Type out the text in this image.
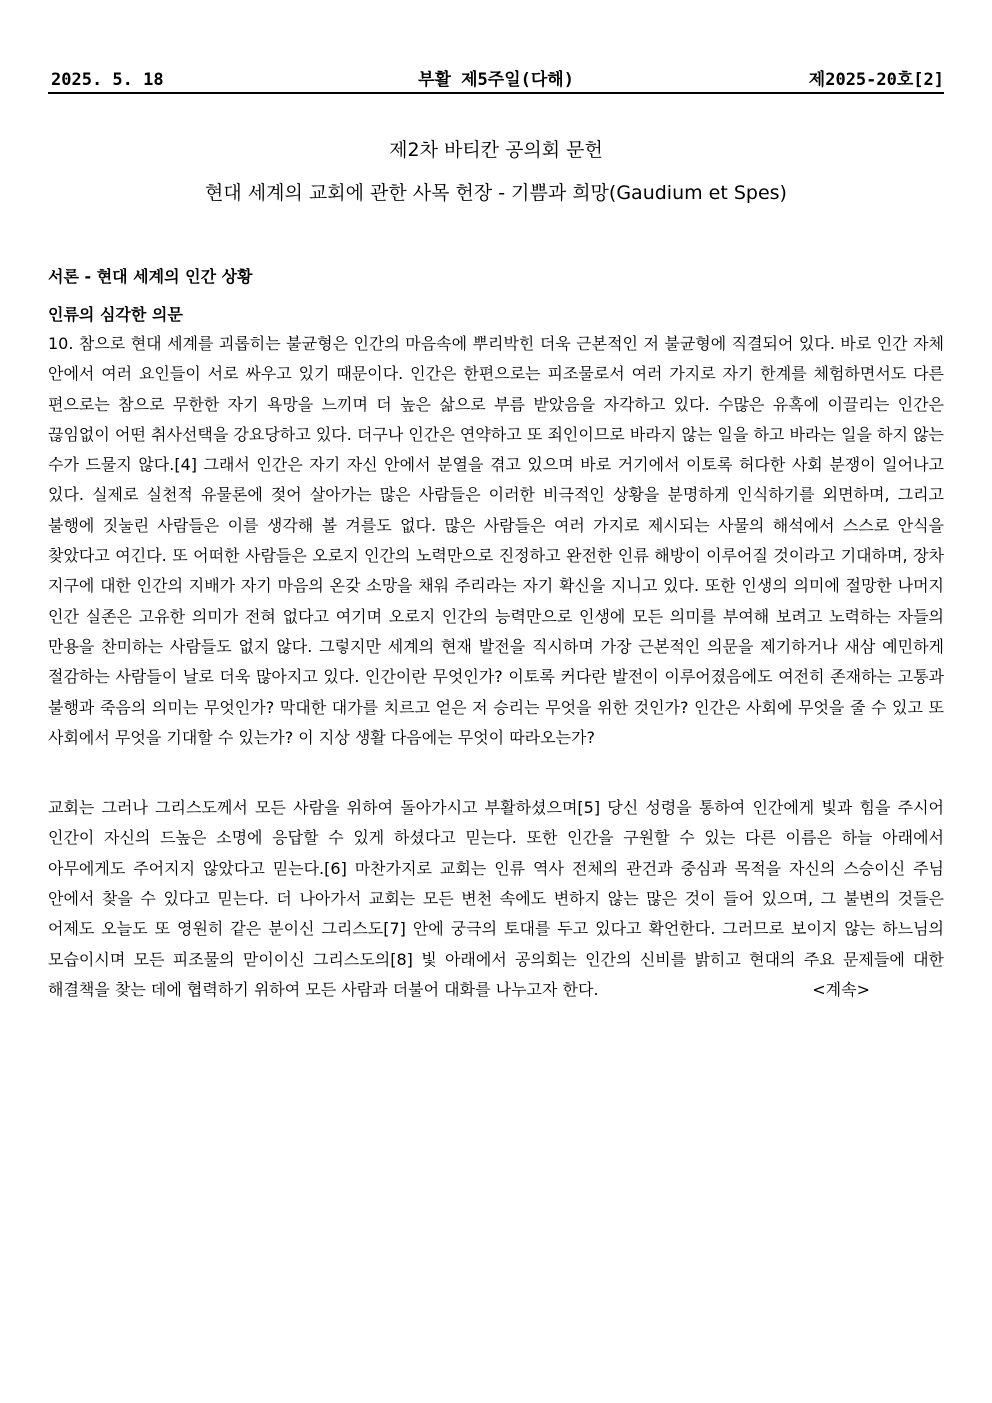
2025. 5. 18	부활 제5주일(다해)	제2025-20호[2]

제2차 바티칸 공의회 문헌

현대 세계의 교회에 관한 사목 헌장 - 기쁨과 희망(Gaudium et Spes)

서론 - 현대 세계의 인간 상황

인류의 심각한 의문

10. 참으로 현대 세계를 괴롭히는 불균형은 인간의 마음속에 뿌리박힌 더욱 근본적인 저 불균형에 직결되어 있다. 바로 인간 자체 안에서 여러 요인들이 서로 싸우고 있기 때문이다. 인간은 한편으로는 피조물로서 여러 가지로 자기 한계를 체험하면서도 다른 편으로는 참으로 무한한 자기 욕망을 느끼며 더 높은 삶으로 부름 받았음을 자각하고 있다. 수많은 유혹에 이끌리는 인간은 끊임없이 어떤 취사선택을 강요당하고 있다. 더구나 인간은 연약하고 또 죄인이므로 바라지 않는 일을 하고 바라는 일을 하지 않는 수가 드물지 않다.[4] 그래서 인간은 자기 자신 안에서 분열을 겪고 있으며 바로 거기에서 이토록 허다한 사회 분쟁이 일어나고 있다. 실제로 실천적 유물론에 젖어 살아가는 많은 사람들은 이러한 비극적인 상황을 분명하게 인식하기를 외면하며, 그리고 불행에 짓눌린 사람들은 이를 생각해 볼 겨를도 없다. 많은 사람들은 여러 가지로 제시되는 사물의 해석에서 스스로 안식을 찾았다고 여긴다. 또 어떠한 사람들은 오로지 인간의 노력만으로 진정하고 완전한 인류 해방이 이루어질 것이라고 기대하며, 장차 지구에 대한 인간의 지배가 자기 마음의 온갖 소망을 채워 주리라는 자기 확신을 지니고 있다. 또한 인생의 의미에 절망한 나머지 인간 실존은 고유한 의미가 전혀 없다고 여기며 오로지 인간의 능력만으로 인생에 모든 의미를 부여해 보려고 노력하는 자들의 만용을 찬미하는 사람들도 없지 않다. 그렇지만 세계의 현재 발전을 직시하며 가장 근본적인 의문을 제기하거나 새삼 예민하게 절감하는 사람들이 날로 더욱 많아지고 있다. 인간이란 무엇인가? 이토록 커다란 발전이 이루어졌음에도 여전히 존재하는 고통과 불행과 죽음의 의미는 무엇인가? 막대한 대가를 치르고 얻은 저 승리는 무엇을 위한 것인가? 인간은 사회에 무엇을 줄 수 있고 또 사회에서 무엇을 기대할 수 있는가? 이 지상 생활 다음에는 무엇이 따라오는가?

교회는 그러나 그리스도께서 모든 사람을 위하여 돌아가시고 부활하셨으며[5] 당신 성령을 통하여 인간에게 빛과 힘을 주시어 인간이 자신의 드높은 소명에 응답할 수 있게 하셨다고 믿는다. 또한 인간을 구원할 수 있는 다른 이름은 하늘 아래에서 아무에게도 주어지지 않았다고 믿는다.[6] 마찬가지로 교회는 인류 역사 전체의 관건과 중심과 목적을 자신의 스승이신 주님 안에서 찾을 수 있다고 믿는다. 더 나아가서 교회는 모든 변천 속에도 변하지 않는 많은 것이 들어 있으며, 그 불변의 것들은 어제도 오늘도 또 영원히 같은 분이신 그리스도[7] 안에 궁극의 토대를 두고 있다고 확언한다. 그러므로 보이지 않는 하느님의 모습이시며 모든 피조물의 맏이이신 그리스도의[8] 빛 아래에서 공의회는 인간의 신비를 밝히고 현대의 주요 문제들에 대한 해결책을 찾는 데에 협력하기 위하여 모든 사람과 더불어 대화를 나누고자 한다.	<계속>
